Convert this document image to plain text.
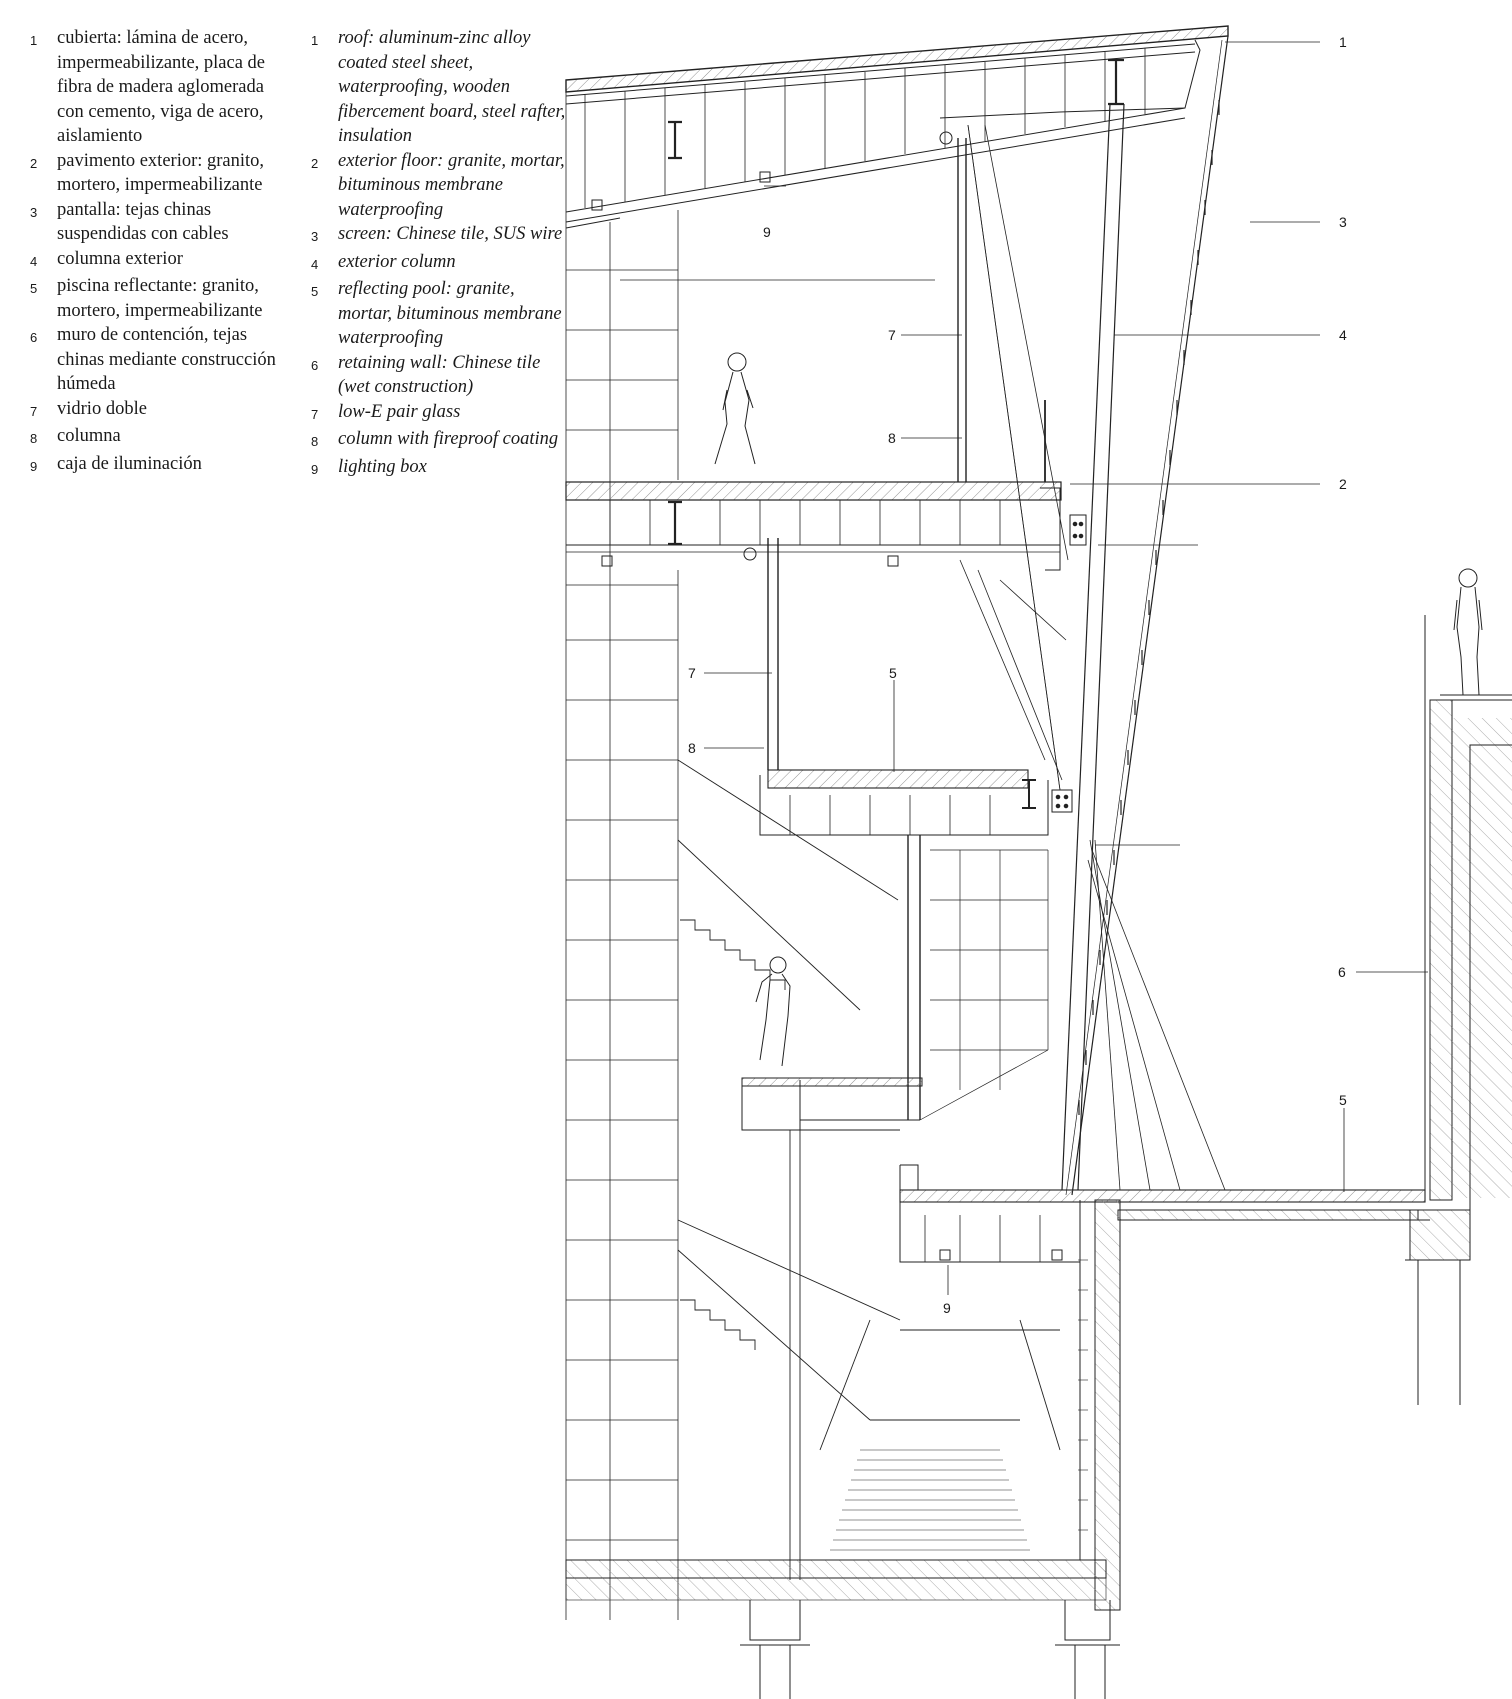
1	cubierta: lámina de acero, impermeabilizante, placa de fibra de madera aglomerada con cemento, viga de acero, aislamiento
2	pavimento exterior: granito, mortero, impermeabilizante
3	pantalla: tejas chinas suspendidas con cables
4	columna exterior
5	piscina reflectante: granito, mortero, impermeabilizante
6	muro de contención, tejas chinas mediante construcción húmeda
7	vidrio doble
8	columna
9	caja de iluminación
1	roof: aluminum-zinc alloy coated steel sheet, waterproofing, wooden fibercement board, steel rafter, insulation
2	exterior floor: granite, mortar, bituminous membrane waterproofing
3	screen: Chinese tile, SUS wire
4	exterior column
5	reflecting pool: granite, mortar, bituminous membrane waterproofing
6	retaining wall: Chinese tile (wet construction)
7	low-E pair glass
8	column with fireproof coating
9	lighting box
1
3
4
2
7
8
9
7
8
5
6
5
9
